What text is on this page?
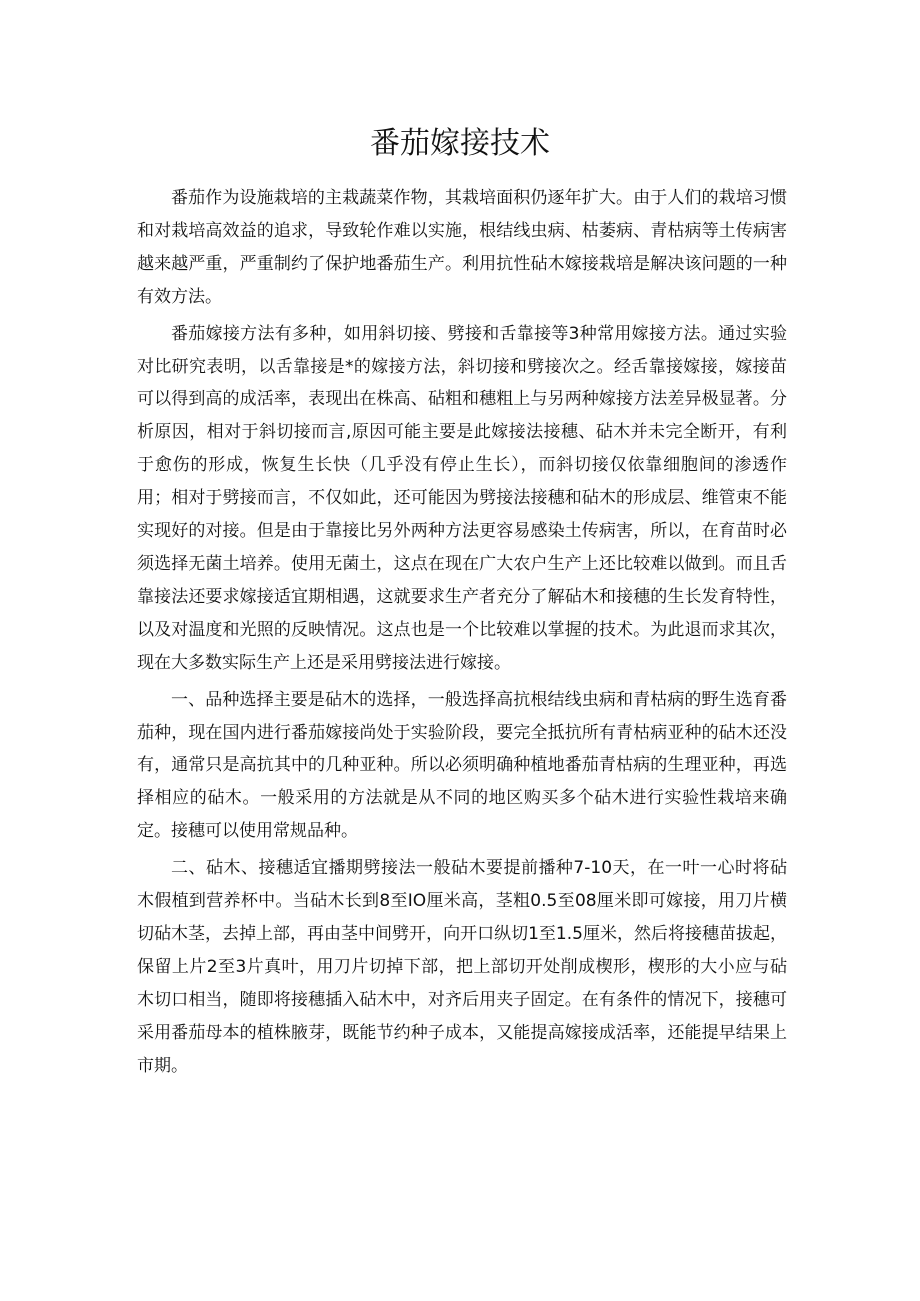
番茄嫁接技术

番茄作为设施栽培的主栽蔬菜作物，其栽培面积仍逐年扩大。由于人们的栽培习惯和对栽培高效益的追求，导致轮作难以实施，根结线虫病、枯萎病、青枯病等土传病害越来越严重，严重制约了保护地番茄生产。利用抗性砧木嫁接栽培是解决该问题的一种有效方法。

番茄嫁接方法有多种，如用斜切接、劈接和舌靠接等3种常用嫁接方法。通过实验对比研究表明，以舌靠接是*的嫁接方法，斜切接和劈接次之。经舌靠接嫁接，嫁接苗可以得到高的成活率，表现出在株高、砧粗和穗粗上与另两种嫁接方法差异极显著。分析原因，相对于斜切接而言,原因可能主要是此嫁接法接穗、砧木并未完全断开，有利于愈伤的形成，恢复生长快（几乎没有停止生长），而斜切接仅依靠细胞间的渗透作用；相对于劈接而言，不仅如此，还可能因为劈接法接穗和砧木的形成层、维管束不能实现好的对接。但是由于靠接比另外两种方法更容易感染土传病害，所以，在育苗时必须选择无菌土培养。使用无菌土，这点在现在广大农户生产上还比较难以做到。而且舌靠接法还要求嫁接适宜期相遇，这就要求生产者充分了解砧木和接穗的生长发育特性，以及对温度和光照的反映情况。这点也是一个比较难以掌握的技术。为此退而求其次，现在大多数实际生产上还是采用劈接法进行嫁接。

一、品种选择主要是砧木的选择，一般选择高抗根结线虫病和青枯病的野生选育番茄种，现在国内进行番茄嫁接尚处于实验阶段，要完全抵抗所有青枯病亚种的砧木还没有，通常只是高抗其中的几种亚种。所以必须明确种植地番茄青枯病的生理亚种，再选择相应的砧木。一般采用的方法就是从不同的地区购买多个砧木进行实验性栽培来确定。接穗可以使用常规品种。

二、砧木、接穗适宜播期劈接法一般砧木要提前播种7-10天，在一叶一心时将砧木假植到营养杯中。当砧木长到8至IO厘米高，茎粗0.5至08厘米即可嫁接，用刀片横切砧木茎，去掉上部，再由茎中间劈开，向开口纵切1至1.5厘米，然后将接穗苗拔起，保留上片2至3片真叶，用刀片切掉下部，把上部切开处削成楔形，楔形的大小应与砧木切口相当，随即将接穗插入砧木中，对齐后用夹子固定。在有条件的情况下，接穗可采用番茄母本的植株腋芽，既能节约种子成本，又能提高嫁接成活率，还能提早结果上市期。
